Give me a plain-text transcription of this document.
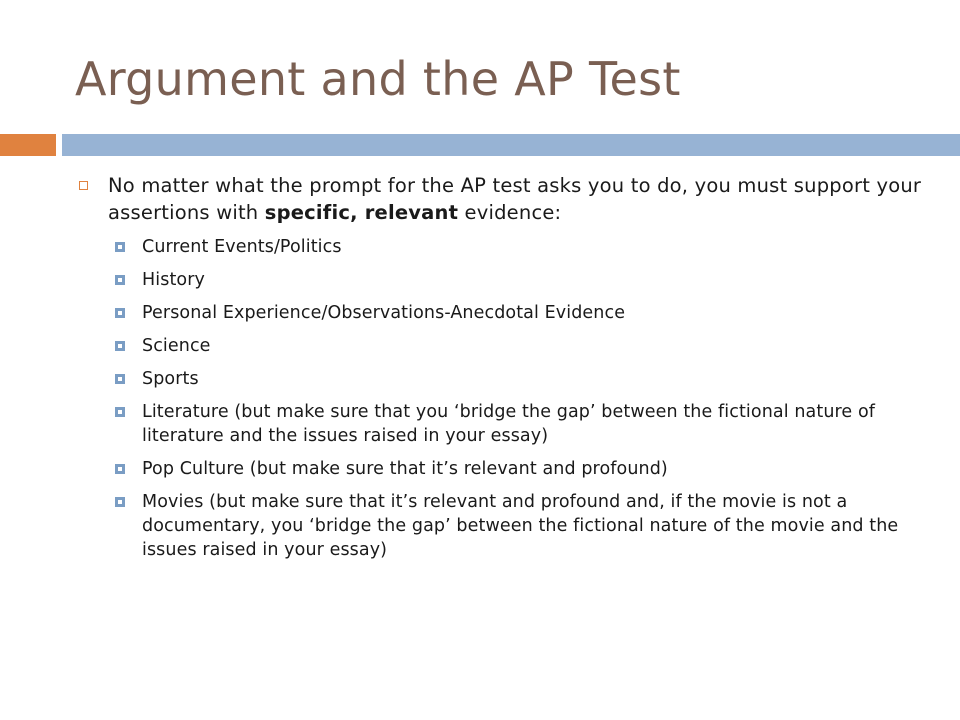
Argument and the AP Test
No matter what the prompt for the AP test asks you to do, you must support your assertions with specific, relevant evidence:
Current Events/Politics
History
Personal Experience/Observations-Anecdotal Evidence
Science
Sports
Literature (but make sure that you ‘bridge the gap’ between the fictional nature of literature and the issues raised in your essay)
Pop Culture (but make sure that it’s relevant and profound)
Movies (but make sure that it’s relevant and profound and, if the movie is not a documentary, you ‘bridge the gap’ between the fictional nature of the movie and the issues raised in your essay)
